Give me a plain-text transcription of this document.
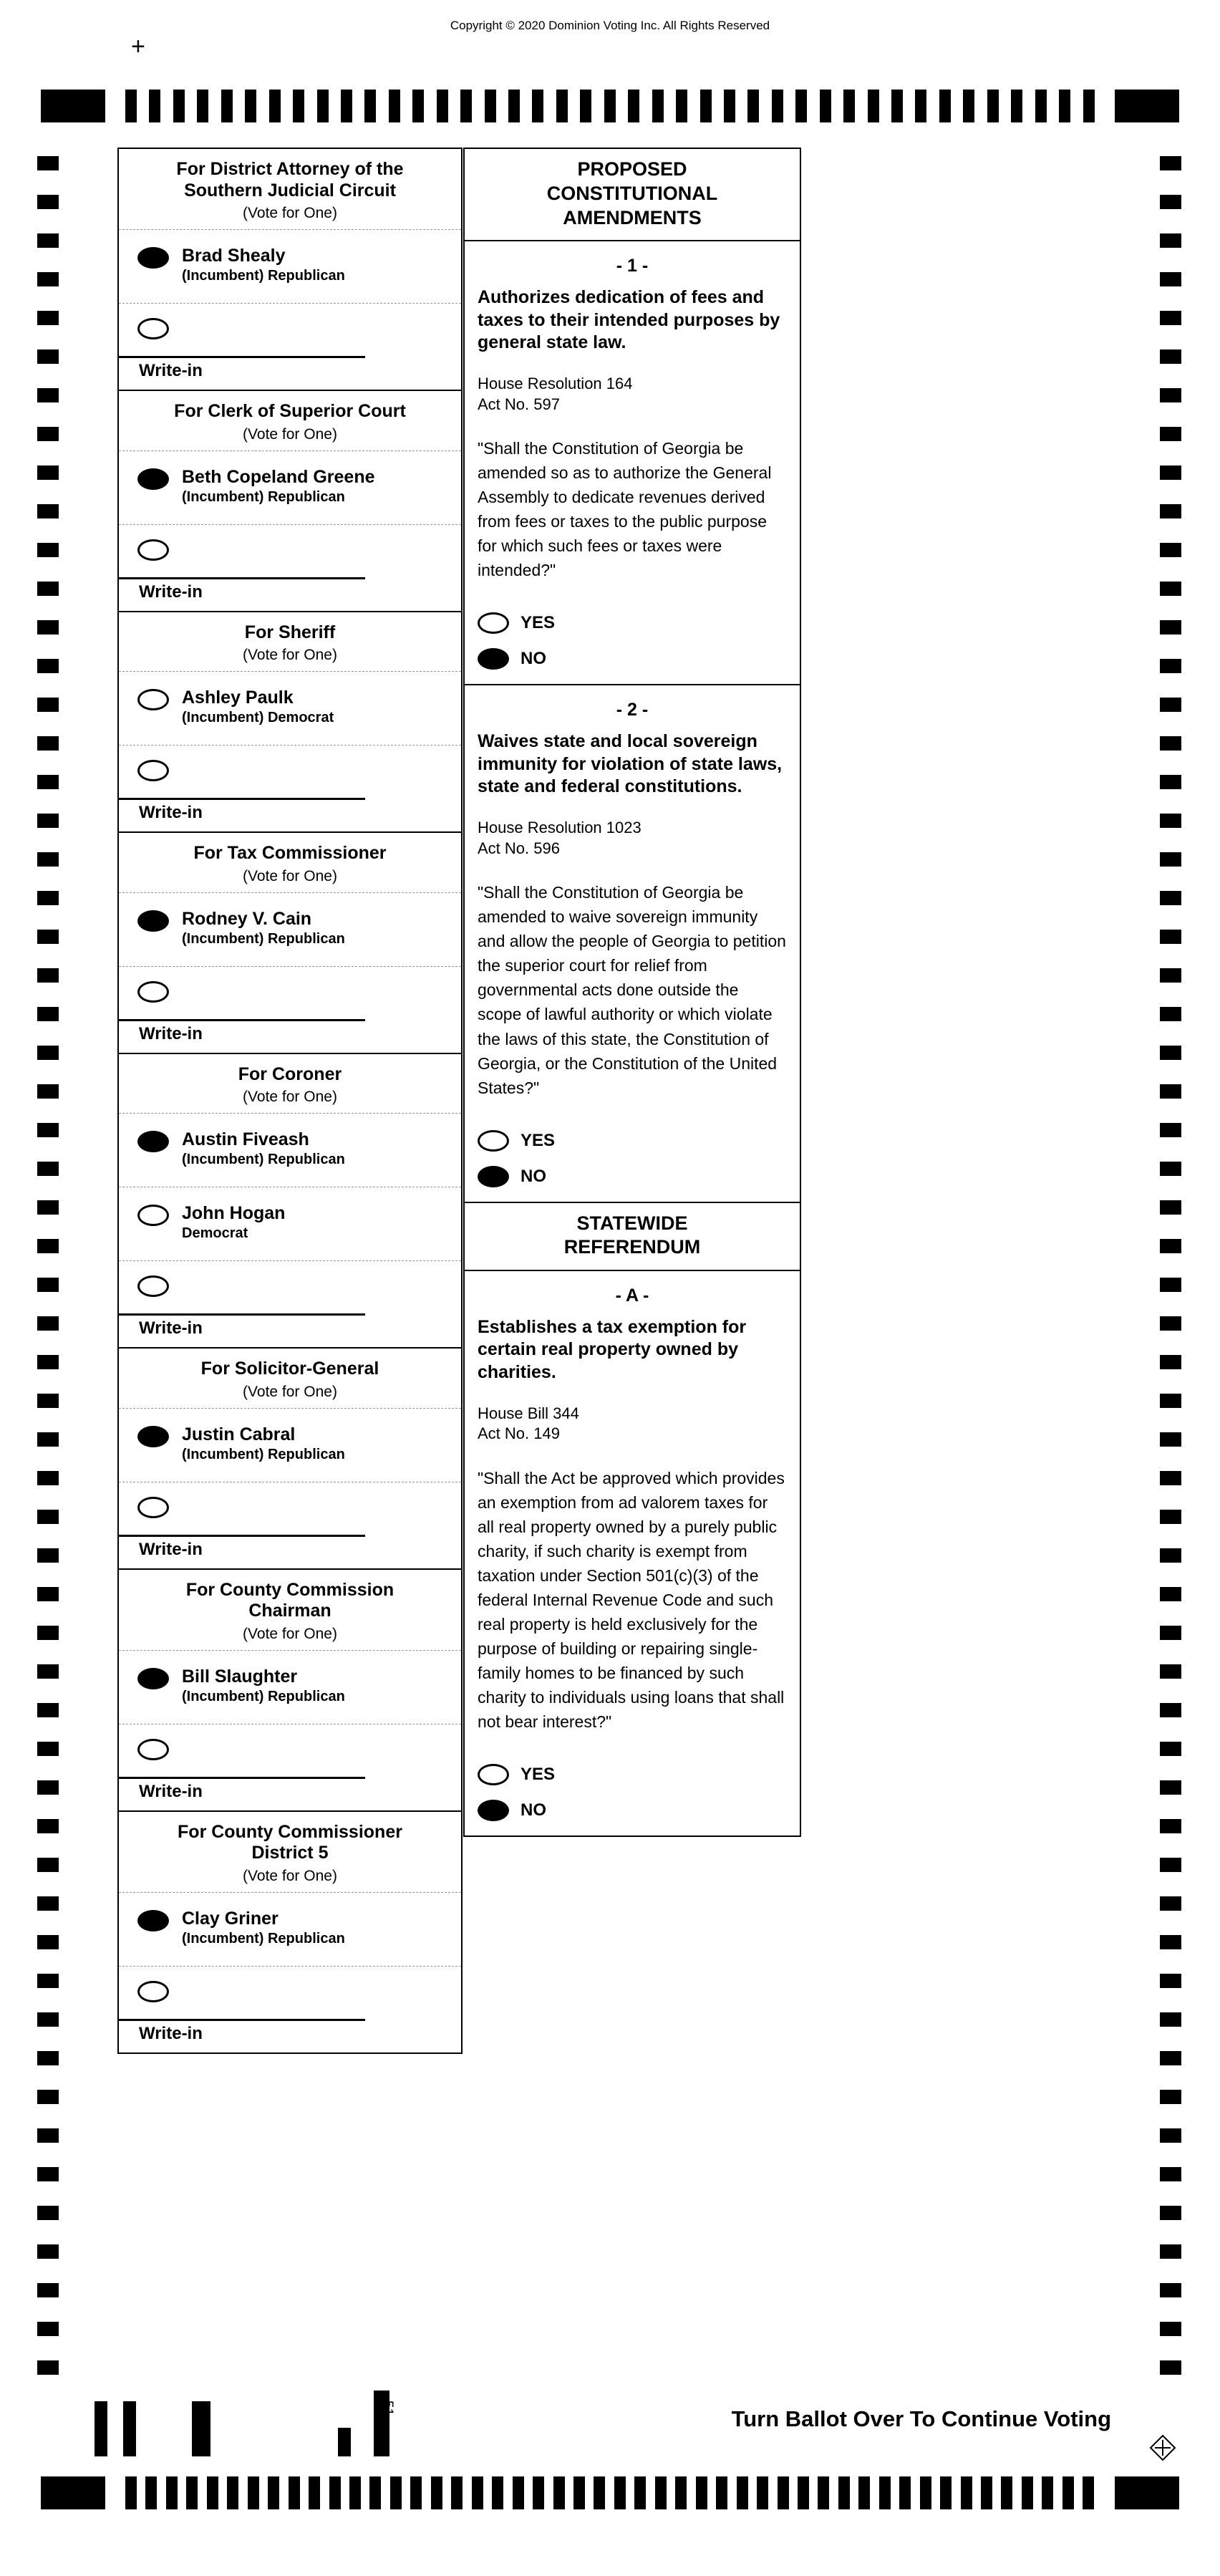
Copyright © 2020 Dominion Voting Inc. All Rights Reserved
+
For District Attorney of the
Southern Judicial Circuit
(Vote for One)
Brad Shealy
(Incumbent) Republican
Write-in
For Clerk of Superior Court
(Vote for One)
Beth Copeland Greene
(Incumbent) Republican
Write-in
For Sheriff
(Vote for One)
Ashley Paulk
(Incumbent) Democrat
Write-in
For Tax Commissioner
(Vote for One)
Rodney V. Cain
(Incumbent) Republican
Write-in
For Coroner
(Vote for One)
Austin Fiveash
(Incumbent) Republican
John Hogan
Democrat
Write-in
For Solicitor-General
(Vote for One)
Justin Cabral
(Incumbent) Republican
Write-in
For County Commission
Chairman
(Vote for One)
Bill Slaughter
(Incumbent) Republican
Write-in
For County Commissioner
District 5
(Vote for One)
Clay Griner
(Incumbent) Republican
Write-in
PROPOSED
CONSTITUTIONAL
AMENDMENTS
- 1 -
Authorizes dedication of fees and taxes to their intended purposes by general state law.
House Resolution 164
Act No. 597
"Shall the Constitution of Georgia be amended so as to authorize the General Assembly to dedicate revenues derived from fees or taxes to the public purpose for which such fees or taxes were intended?"
YES
NO
- 2 -
Waives state and local sovereign immunity for violation of state laws, state and federal constitutions.
House Resolution 1023
Act No. 596
"Shall the Constitution of Georgia be amended to waive sovereign immunity and allow the people of Georgia to petition the superior court for relief from governmental acts done outside the scope of lawful authority or which violate the laws of this state, the Constitution of Georgia, or the Constitution of the United States?"
YES
NO
STATEWIDE
REFERENDUM
- A -
Establishes a tax exemption for certain real property owned by charities.
House Bill 344
Act No. 149
"Shall the Act be approved which provides an exemption from ad valorem taxes for all real property owned by a purely public charity, if such charity is exempt from taxation under Section 501(c)(3) of the federal Internal Revenue Code and such real property is held exclusively for the purpose of building or repairing single-family homes to be financed by such charity to individuals using loans that shall not bear interest?"
YES
NO
51	Turn Ballot Over To Continue Voting
